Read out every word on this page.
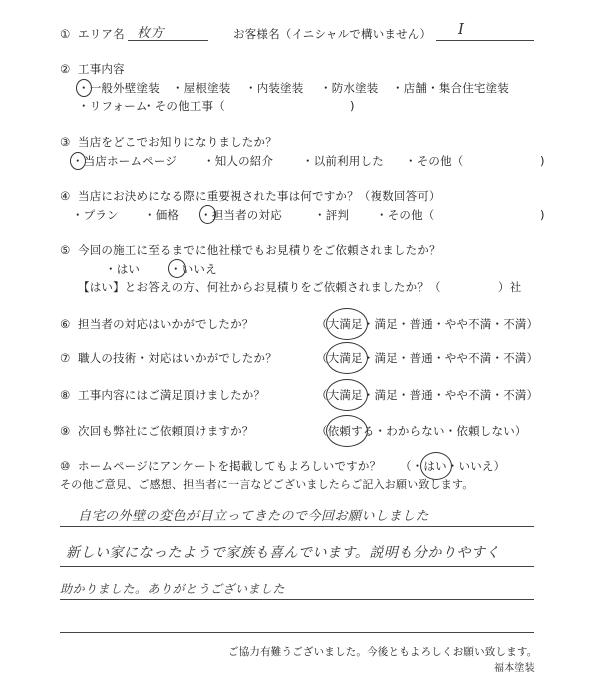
① エリア名 枚方	お客様名（イニシャルで構いません） I
② 工事内容
・一般外壁塗装 ・屋根塗装 ・内装塗装 ・防水塗装 ・店舗・集合住宅塗装
・リフォーム
・その他工事（	)
③ 当店をどこでお知りになりましたか？
・当店ホームページ ・知人の紹介	・以前利用した ・その他（	)
④ 当店にお決めになる際に重要視された事は何ですか？（複数回答可）
・プラン ・価格 ・担当者の対応	・評判 ・その他（	)
⑤ 今回の施工に至るまでに他社様でもお見積りをご依頼されましたか？
・はい	・いいえ
【はい】とお答えの方、何社からお見積りをご依頼されましたか？（	）社
⑥ 担当者の対応はいかがでしたか？	（大満足・満足・普通・やや不満・不満）
⑦ 職人の技術・対応はいかがでしたか？	（大満足・満足・普通・やや不満・不満）
⑧ 工事内容にはご満足頂けましたか？	（大満足・満足・普通・やや不満・不満）
⑨ 次回も弊社にご依頼頂けますか？	（依頼する・わからない・依頼しない）
⑩ ホームページにアンケートを掲載してもよろしいですか？ （・はい・いいえ）
その他ご意見、ご感想、担当者に一言などございましたらご記入お願い致します。
自宅の外壁の変色が目立ってきたので今回お願いしました
新しい家になったようで家族も喜んでいます。説明も分かりやすく
助かりました。ありがとうございました
ご協力有難うございました。今後ともよろしくお願い致します。
福本塗装
